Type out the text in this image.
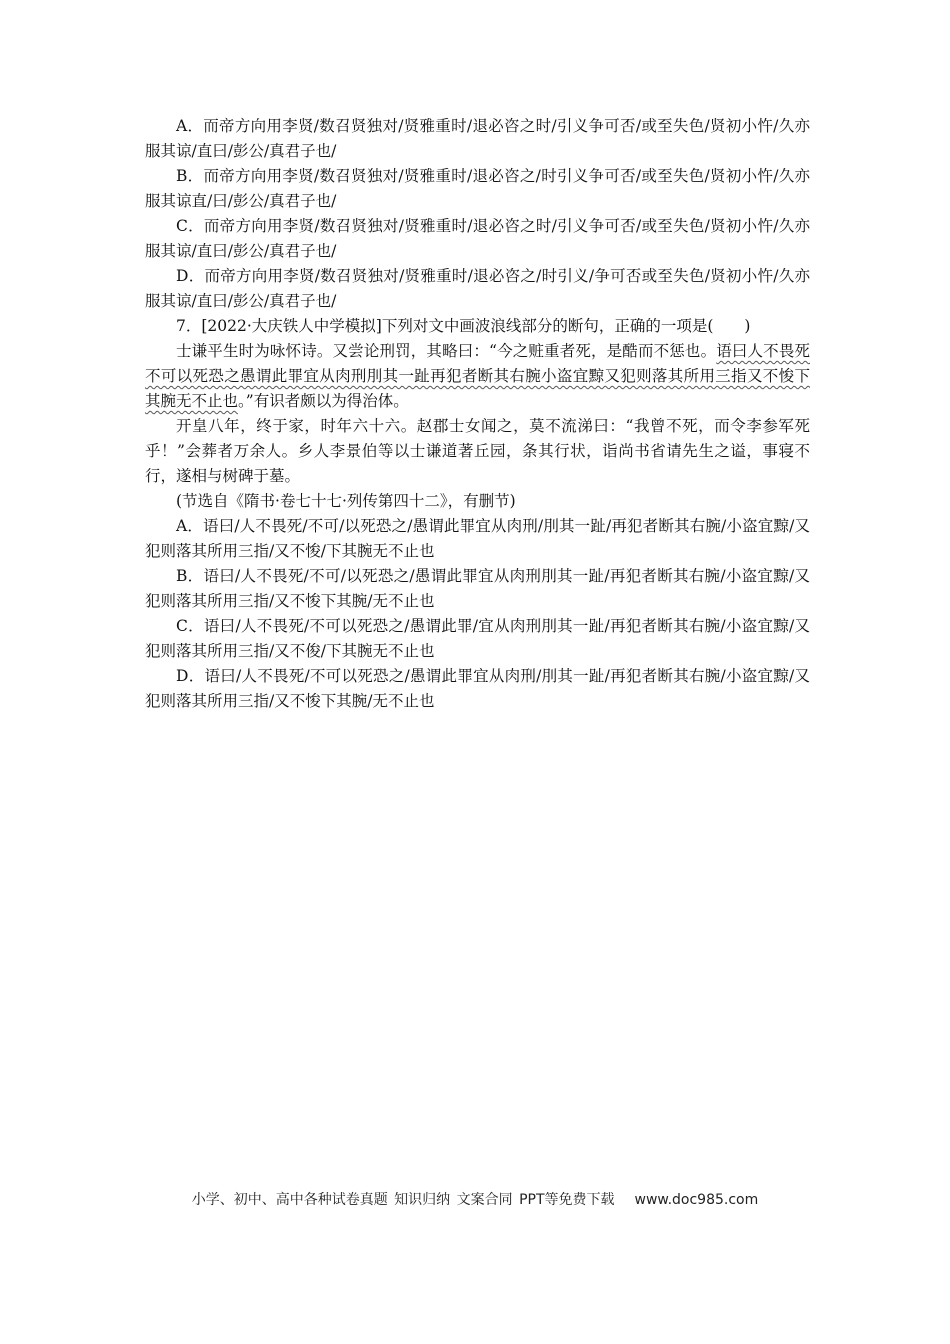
A．而帝方向用李贤/数召贤独对/贤雅重时/退必咨之时/引义争可否/或至失色/贤初小忤/久亦服其谅/直曰/彭公/真君子也/

B．而帝方向用李贤/数召贤独对/贤雅重时/退必咨之/时引义争可否/或至失色/贤初小忤/久亦服其谅直/曰/彭公/真君子也/

C．而帝方向用李贤/数召贤独对/贤雅重时/退必咨之时/引义争可否/或至失色/贤初小忤/久亦服其谅/直曰/彭公/真君子也/

D．而帝方向用李贤/数召贤独对/贤雅重时/退必咨之/时引义/争可否或至失色/贤初小忤/久亦服其谅/直曰/彭公/真君子也/

7．[2022·大庆铁人中学模拟]下列对文中画波浪线部分的断句，正确的一项是(　　)

士谦平生时为咏怀诗。又尝论刑罚，其略曰：“今之赃重者死，是酷而不惩也。语曰人不畏死不可以死恐之愚谓此罪宜从肉刑刖其一趾再犯者断其右腕小盗宜黥又犯则落其所用三指又不悛下其腕无不止也。”有识者颇以为得治体。

开皇八年，终于家，时年六十六。赵郡士女闻之，莫不流涕曰：“我曾不死，而令李参军死乎！”会葬者万余人。乡人李景伯等以士谦道著丘园，条其行状，诣尚书省请先生之谥，事寝不行，遂相与树碑于墓。

(节选自《隋书·卷七十七·列传第四十二》，有删节)

A．语曰/人不畏死/不可/以死恐之/愚谓此罪宜从肉刑/刖其一趾/再犯者断其右腕/小盗宜黥/又犯则落其所用三指/又不悛/下其腕无不止也

B．语曰/人不畏死/不可/以死恐之/愚谓此罪宜从肉刑刖其一趾/再犯者断其右腕/小盗宜黥/又犯则落其所用三指/又不悛下其腕/无不止也

C．语曰/人不畏死/不可以死恐之/愚谓此罪/宜从肉刑刖其一趾/再犯者断其右腕/小盗宜黥/又犯则落其所用三指/又不俊/下其腕无不止也

D．语曰/人不畏死/不可以死恐之/愚谓此罪宜从肉刑/刖其一趾/再犯者断其右腕/小盗宜黥/又犯则落其所用三指/又不悛下其腕/无不止也

小学、初中、高中各种试卷真题 知识归纳 文案合同 PPT等免费下载 www.doc985.com
